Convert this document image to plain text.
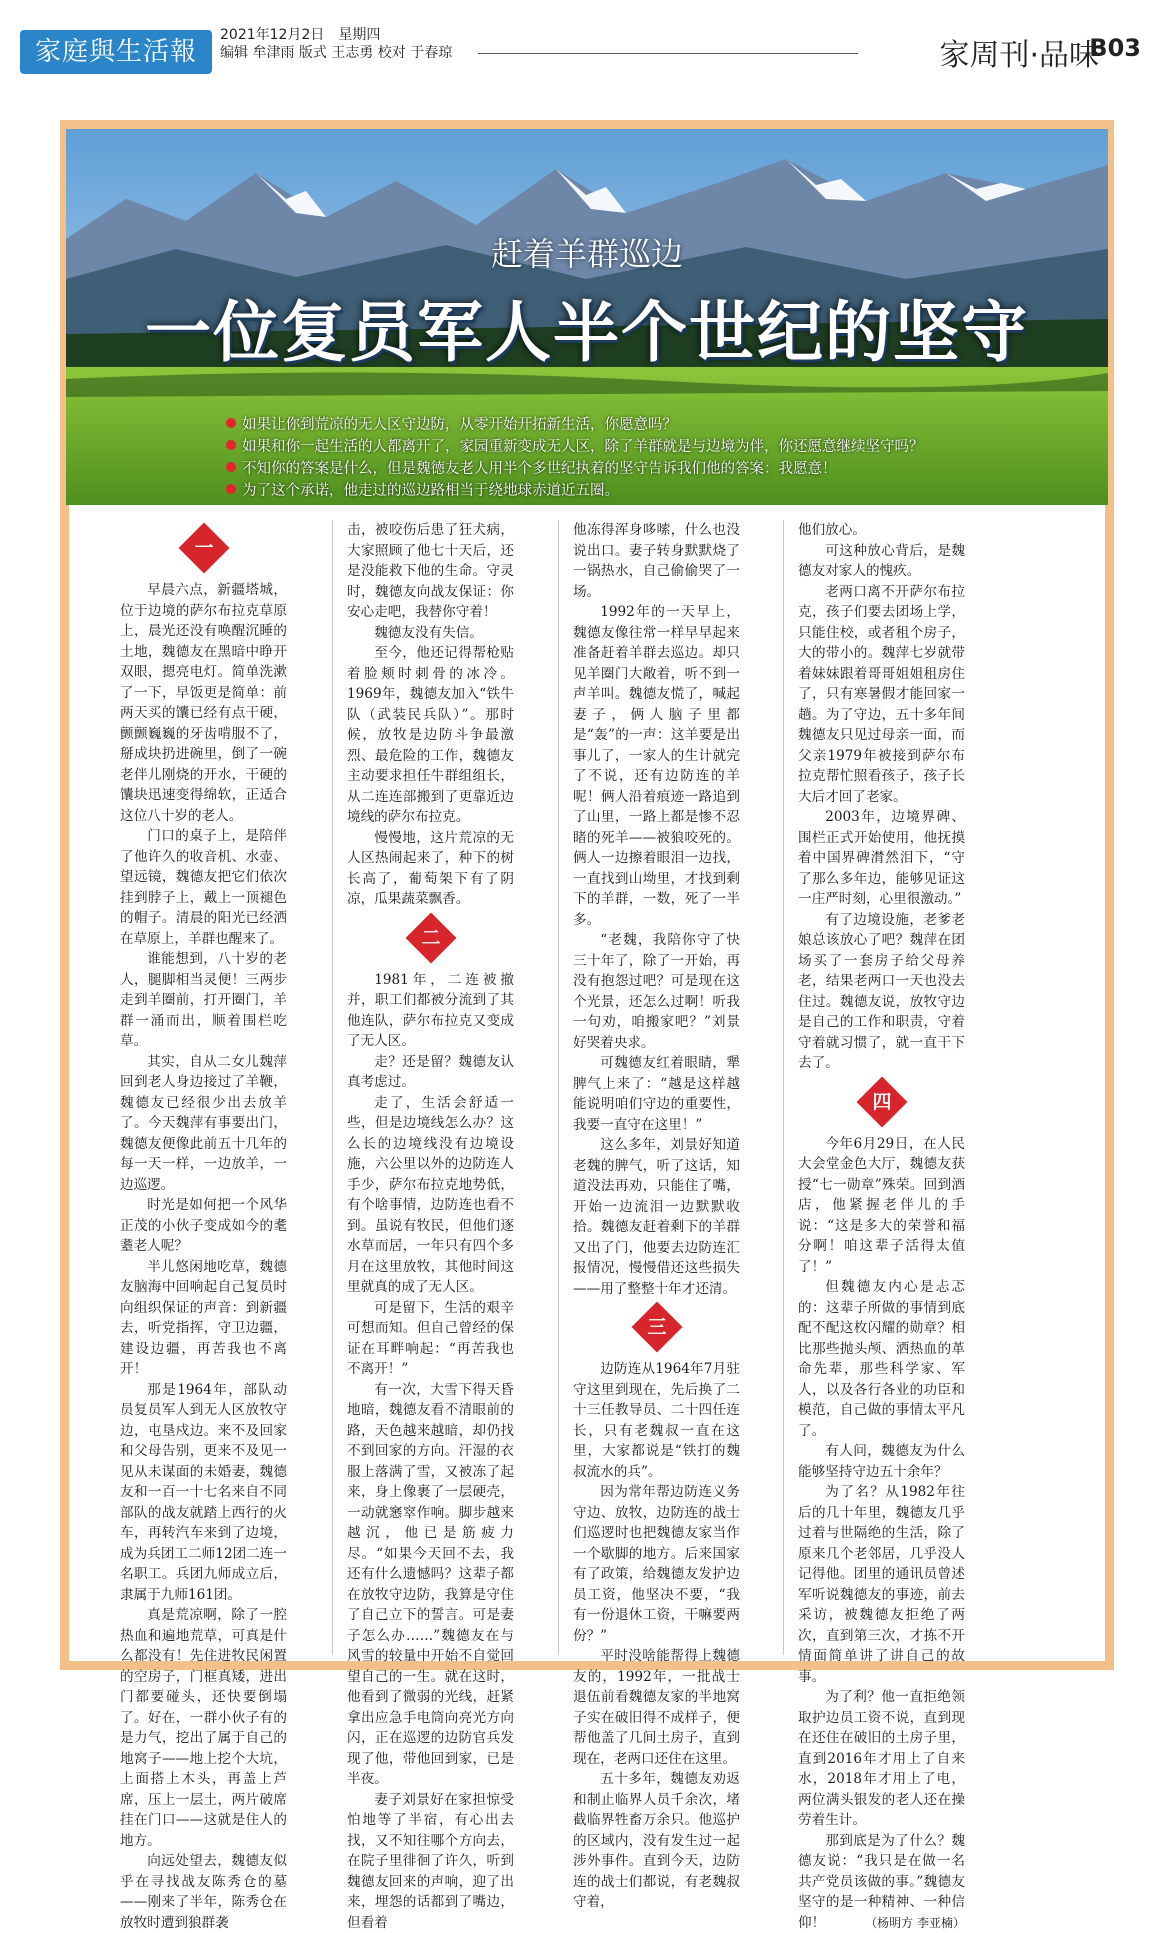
家庭與生活報
2021年12月2日　星期四
编辑 牟津雨 版式 王志勇 校对 于春琼	家周刊·品味
B03
赶着羊群巡边
一位复员军人半个世纪的坚守
如果让你到荒凉的无人区守边防，从零开始开拓新生活，你愿意吗？
如果和你一起生活的人都离开了，家园重新变成无人区，除了羊群就是与边境为伴，你还愿意继续坚守吗？
不知你的答案是什么，但是魏德友老人用半个多世纪执着的坚守告诉我们他的答案：我愿意！
为了这个承诺，他走过的巡边路相当于绕地球赤道近五圈。
一

早晨六点，新疆塔城，位于边境的萨尔布拉克草原上，晨光还没有唤醒沉睡的土地，魏德友在黑暗中睁开双眼，摁亮电灯。简单洗漱了一下，早饭更是简单：前两天买的馕已经有点干硬，颤颤巍巍的牙齿啃服不了，掰成块扔进碗里，倒了一碗老伴儿刚烧的开水，干硬的馕块迅速变得绵软，正适合这位八十岁的老人。

门口的桌子上，是陪伴了他许久的收音机、水壶、望远镜，魏德友把它们依次挂到脖子上，戴上一顶褪色的帽子。清晨的阳光已经洒在草原上，羊群也醒来了。

谁能想到，八十岁的老人，腿脚相当灵便！三两步走到羊圈前，打开圈门，羊群一涌而出，顺着围栏吃草。

其实，自从二女儿魏萍回到老人身边接过了羊鞭，魏德友已经很少出去放羊了。今天魏萍有事要出门，魏德友便像此前五十几年的每一天一样，一边放羊，一边巡逻。

时光是如何把一个风华正茂的小伙子变成如今的耄耋老人呢？

半儿悠闲地吃草，魏德友脑海中回响起自己复员时向组织保证的声音：到新疆去，听党指挥，守卫边疆，建设边疆，再苦我也不离开！

那是1964年，部队动员复员军人到无人区放牧守边，屯垦戍边。来不及回家和父母告别，更来不及见一见从未谋面的未婚妻，魏德友和一百一十七名来自不同部队的战友就踏上西行的火车，再转汽车来到了边境，成为兵团工二师12团二连一名职工。兵团九师成立后，隶属于九师161团。

真是荒凉啊，除了一腔热血和遍地荒草，可真是什么都没有！先住进牧民闲置的空房子，门框真矮，进出门都要碰头，还快要倒塌了。好在，一群小伙子有的是力气，挖出了属于自己的地窝子——地上挖个大坑，上面搭上木头，再盖上芦席，压上一层土，两片破席挂在门口——这就是住人的地方。

向远处望去，魏德友似乎在寻找战友陈秀仓的墓——刚来了半年，陈秀仓在放牧时遭到狼群袭

击，被咬伤后患了狂犬病，大家照顾了他七十天后，还是没能救下他的生命。守灵时，魏德友向战友保证：你安心走吧，我替你守着！

魏德友没有失信。

至今，他还记得帮枪贴着脸颊时刺骨的冰冷。1969年，魏德友加入“铁牛队（武装民兵队）”。那时候，放牧是边防斗争最激烈、最危险的工作，魏德友主动要求担任牛群组组长，从二连连部搬到了更靠近边境线的萨尔布拉克。

慢慢地，这片荒凉的无人区热闹起来了，种下的树长高了，葡萄架下有了阴凉，瓜果蔬菜飘香。

二

1981年，二连被撤并，职工们都被分流到了其他连队，萨尔布拉克又变成了无人区。

走？还是留？魏德友认真考虑过。

走了，生活会舒适一些，但是边境线怎么办？这么长的边境线没有边境设施，六公里以外的边防连人手少，萨尔布拉克地势低，有个啥事情，边防连也看不到。虽说有牧民，但他们逐水草而居，一年只有四个多月在这里放牧，其他时间这里就真的成了无人区。

可是留下，生活的艰辛可想而知。但自己曾经的保证在耳畔响起：“再苦我也不离开！”

有一次，大雪下得天昏地暗，魏德友看不清眼前的路，天色越来越暗，却仍找不到回家的方向。汗湿的衣服上落满了雪，又被冻了起来，身上像裹了一层硬壳，一动就窸窣作响。脚步越来越沉，他已是筋疲力尽。“如果今天回不去，我还有什么遗憾吗？这辈子都在放牧守边防，我算是守住了自己立下的誓言。可是妻子怎么办……”魏德友在与风雪的较量中开始不自觉回望自己的一生。就在这时，他看到了微弱的光线，赶紧拿出应急手电筒向亮光方向闪，正在巡逻的边防官兵发现了他，带他回到家，已是半夜。

妻子刘景好在家担惊受怕地等了半宿，有心出去找，又不知往哪个方向去，在院子里徘徊了许久，听到魏德友回来的声响，迎了出来，埋怨的话都到了嘴边，但看着

他冻得浑身哆嗦，什么也没说出口。妻子转身默默烧了一锅热水，自己偷偷哭了一场。

1992年的一天早上，魏德友像往常一样早早起来准备赶着羊群去巡边。却只见羊圈门大敞着，听不到一声羊叫。魏德友慌了，喊起妻子，俩人脑子里都是“轰”的一声：这羊要是出事儿了，一家人的生计就完了不说，还有边防连的羊呢！俩人沿着痕迹一路追到了山里，一路上都是惨不忍睹的死羊——被狼咬死的。俩人一边擦着眼泪一边找，一直找到山坳里，才找到剩下的羊群，一数，死了一半多。

“老魏，我陪你守了快三十年了，除了一开始，再没有抱怨过吧？可是现在这个光景，还怎么过啊！听我一句劝，咱搬家吧？”刘景好哭着央求。

可魏德友红着眼睛，犟脾气上来了：“越是这样越能说明咱们守边的重要性，我要一直守在这里！”

这么多年，刘景好知道老魏的脾气，听了这话，知道没法再劝，只能住了嘴，开始一边流泪一边默默收拾。魏德友赶着剩下的羊群又出了门，他要去边防连汇报情况，慢慢借还这些损失——用了整整十年才还清。

三

边防连从1964年7月驻守这里到现在，先后换了二十三任教导员、二十四任连长，只有老魏叔一直在这里，大家都说是“铁打的魏叔流水的兵”。

因为常年帮边防连义务守边、放牧，边防连的战士们巡逻时也把魏德友家当作一个歇脚的地方。后来国家有了政策，给魏德友发护边员工资，他坚决不要，“我有一份退休工资，干嘛要两份？”

平时没啥能帮得上魏德友的，1992年，一批战士退伍前看魏德友家的半地窝子实在破旧得不成样子，便帮他盖了几间土房子，直到现在，老两口还住在这里。

五十多年，魏德友劝返和制止临界人员千余次，堵截临界牲畜万余只。他巡护的区域内，没有发生过一起涉外事件。直到今天，边防连的战士们都说，有老魏叔守着，

他们放心。

可这种放心背后，是魏德友对家人的愧疚。

老两口离不开萨尔布拉克，孩子们要去团场上学，只能住校，或者租个房子，大的带小的。魏萍七岁就带着妹妹跟着哥哥姐姐租房住了，只有寒暑假才能回家一趟。为了守边，五十多年间魏德友只见过母亲一面，而父亲1979年被接到萨尔布拉克帮忙照看孩子，孩子长大后才回了老家。

2003年，边境界碑、围栏正式开始使用，他抚摸着中国界碑潸然泪下，“守了那么多年边，能够见证这一庄严时刻，心里很激动。”

有了边境设施，老爹老娘总该放心了吧？魏萍在团场买了一套房子给父母养老，结果老两口一天也没去住过。魏德友说，放牧守边是自己的工作和职责，守着守着就习惯了，就一直干下去了。

四

今年6月29日，在人民大会堂金色大厅，魏德友获授“七一勋章”殊荣。回到酒店，他紧握老伴儿的手说：“这是多大的荣誉和福分啊！咱这辈子活得太值了！”

但魏德友内心是忐忑的：这辈子所做的事情到底配不配这枚闪耀的勋章？相比那些抛头颅、洒热血的革命先辈，那些科学家、军人，以及各行各业的功臣和模范，自己做的事情太平凡了。

有人问，魏德友为什么能够坚持守边五十余年？

为了名？从1982年往后的几十年里，魏德友几乎过着与世隔绝的生活，除了原来几个老邻居，几乎没人记得他。团里的通讯员曾述军听说魏德友的事迹，前去采访，被魏德友拒绝了两次，直到第三次，才拣不开情面简单讲了讲自己的故事。

为了利？他一直拒绝领取护边员工资不说，直到现在还住在破旧的土房子里，直到2016年才用上了自来水，2018年才用上了电，两位满头银发的老人还在操劳着生计。

那到底是为了什么？魏德友说：“我只是在做一名共产党员该做的事。”魏德友坚守的是一种精神、一种信仰！	（杨明方 李亚楠）
